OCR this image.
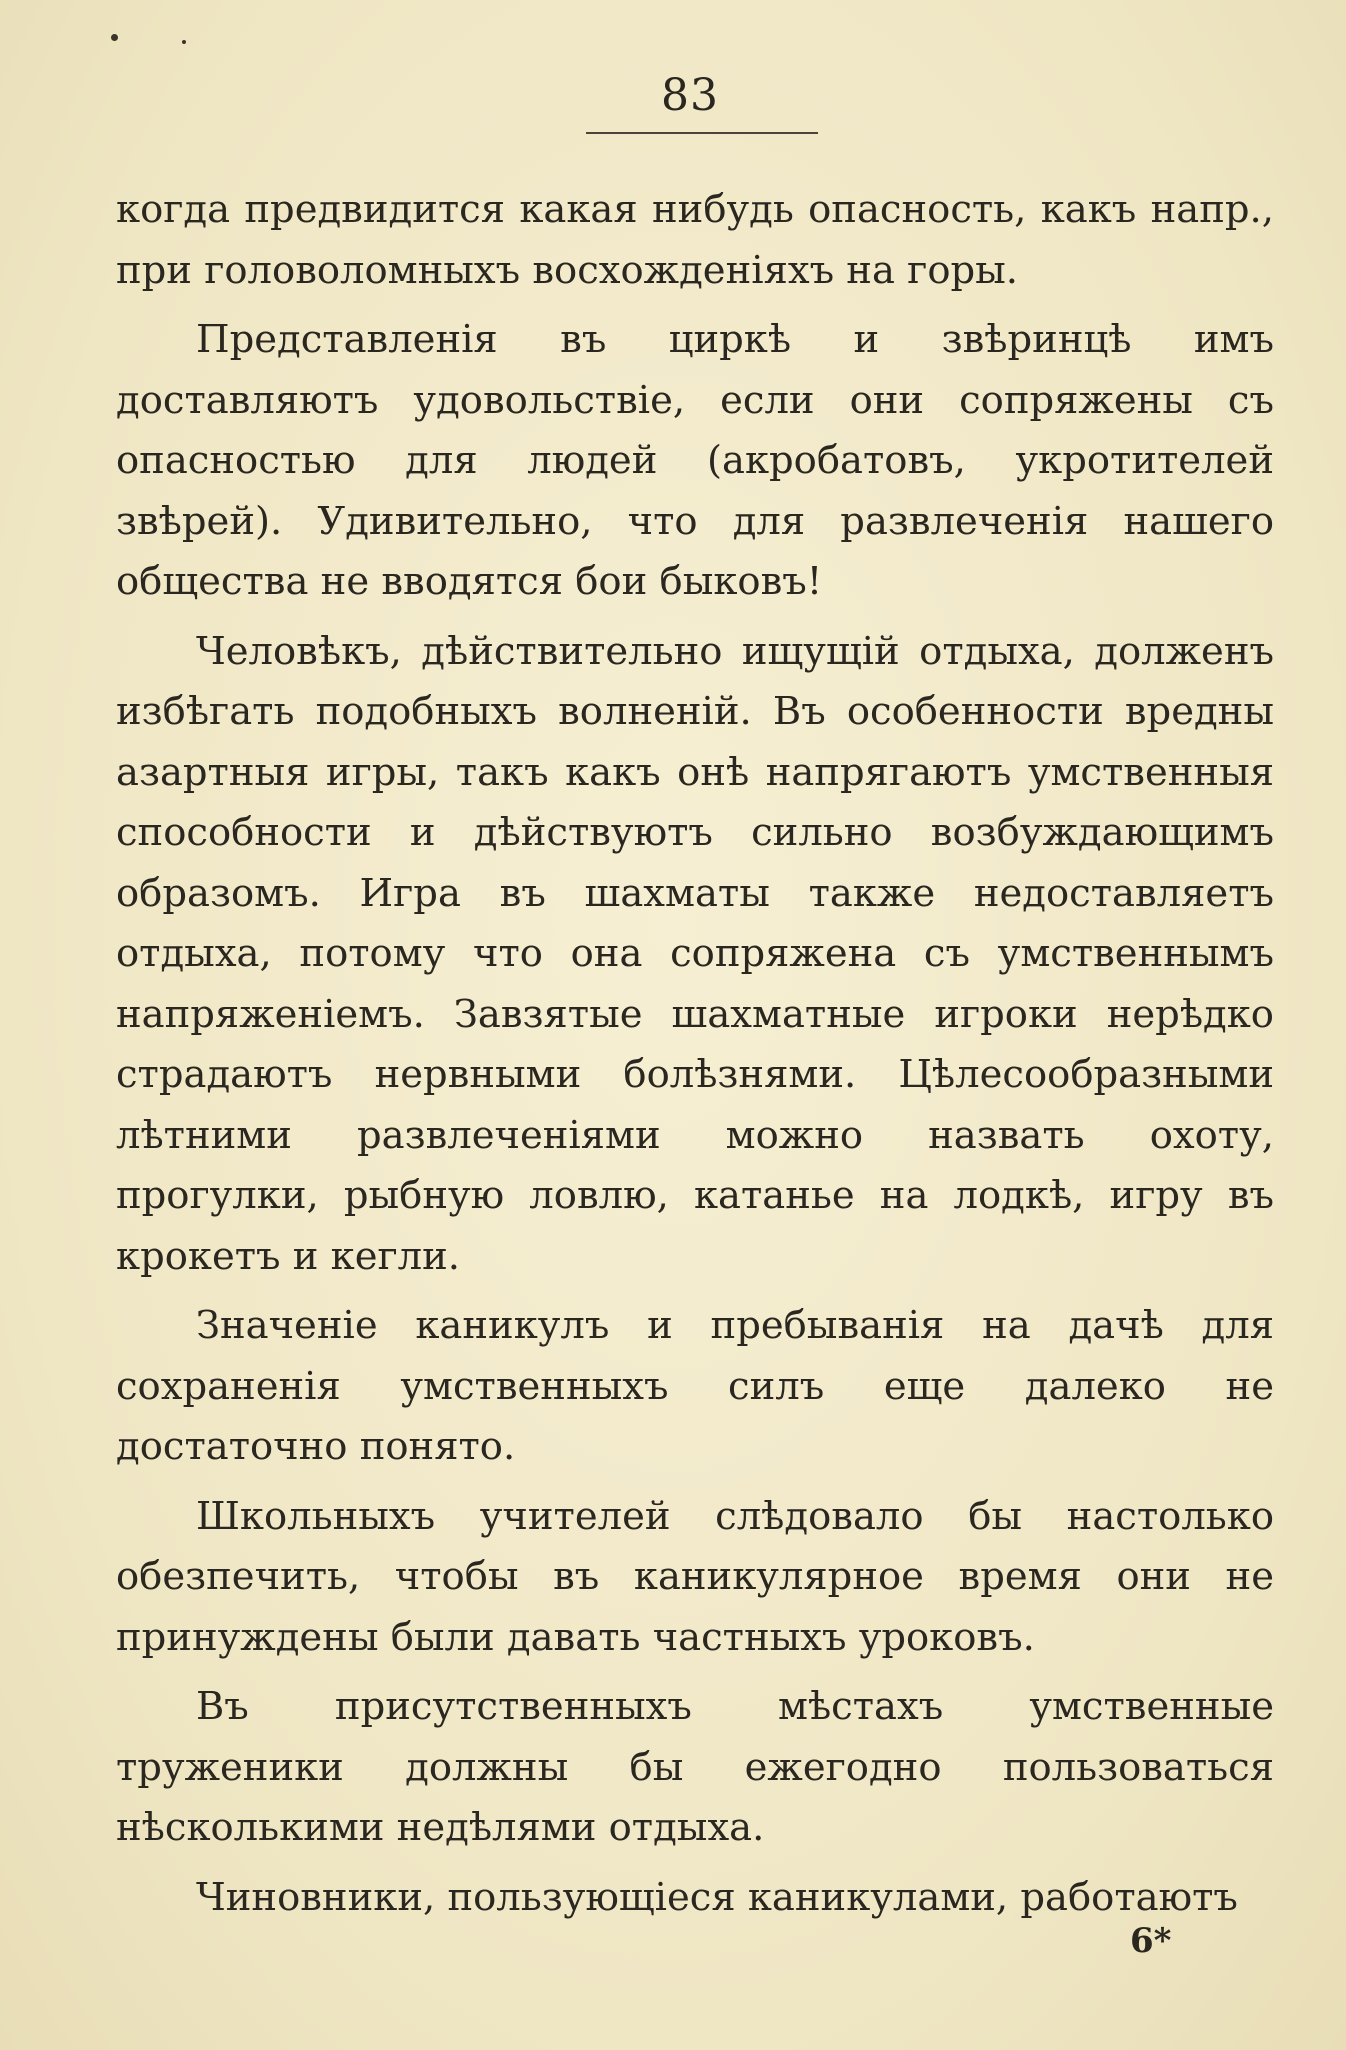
83

когда предвидится какая нибудь опасность, какъ напр., при головоломныхъ восхожденіяхъ на горы.

Представленія въ циркѣ и звѣринцѣ имъ доставляютъ удовольствіе, если они сопряжены съ опасностью для людей (акробатовъ, укротителей звѣрей). Удивительно, что для развлеченія нашего общества не вводятся бои быковъ!

Человѣкъ, дѣйствительно ищущій отдыха, долженъ избѣгать подобныхъ волненій. Въ особенности вредны азартныя игры, такъ какъ онѣ напрягаютъ умственныя способности и дѣйствуютъ сильно возбуждающимъ образомъ. Игра въ шахматы также недоставляетъ отдыха, потому что она сопряжена съ умственнымъ напряженіемъ. Завзятые шахматные игроки нерѣдко страдаютъ нервными болѣзнями. Цѣлесообразными лѣтними развлеченіями можно назвать охоту, прогулки, рыбную ловлю, катанье на лодкѣ, игру въ крокетъ и кегли.

Значеніе каникулъ и пребыванія на дачѣ для сохраненія умственныхъ силъ еще далеко не достаточно понято.

Школьныхъ учителей слѣдовало бы настолько обезпечить, чтобы въ каникулярное время они не принуждены были давать частныхъ уроковъ.

Въ присутственныхъ мѣстахъ умственные труженики должны бы ежегодно пользоваться нѣсколькими недѣлями отдыха.

Чиновники, пользующіеся каникулами, работаютъ

6*
